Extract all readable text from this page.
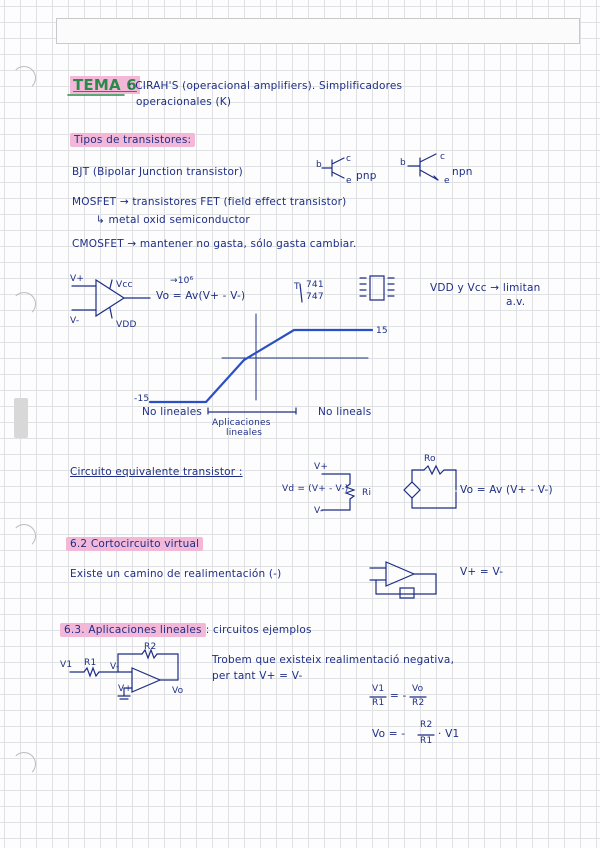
TEMA 6
: CIRAH'S (operacional amplifiers). Simplificadores
operacionales (K)
Tipos de transistores:
BJT (Bipolar Junction transistor)
b
c
e pnp
b
c
e
npn
MOSFET → transistores FET (field effect transistor)
↳ metal oxid semiconductor
CMOSFET → mantener no gasta, sólo gasta cambiar.
V+
V-
Vcc
VDD
→10⁶
Vo = Av(V+ - V-)
T 741
747
VDD y Vcc → limitan
a.v.
15
-15
No lineales
Aplicaciones
lineales
No lineals
Circuito equivalente transistor :	V+
Vd = (V+ - V-) Ri
V-
Ro
Vo = Av (V+ - V-)
6.2 Cortocircuito virtual
Existe un camino de realimentación (-)	V+ = V-
6.3. Aplicaciones lineales : circuitos ejemplos
R2
V1 R1 V-
V+	Vo
Trobem que existeix realimentació negativa,
per tant V+ = V-
V1
R1
= -
Vo
R2
Vo = -
R2
R1
· V1
